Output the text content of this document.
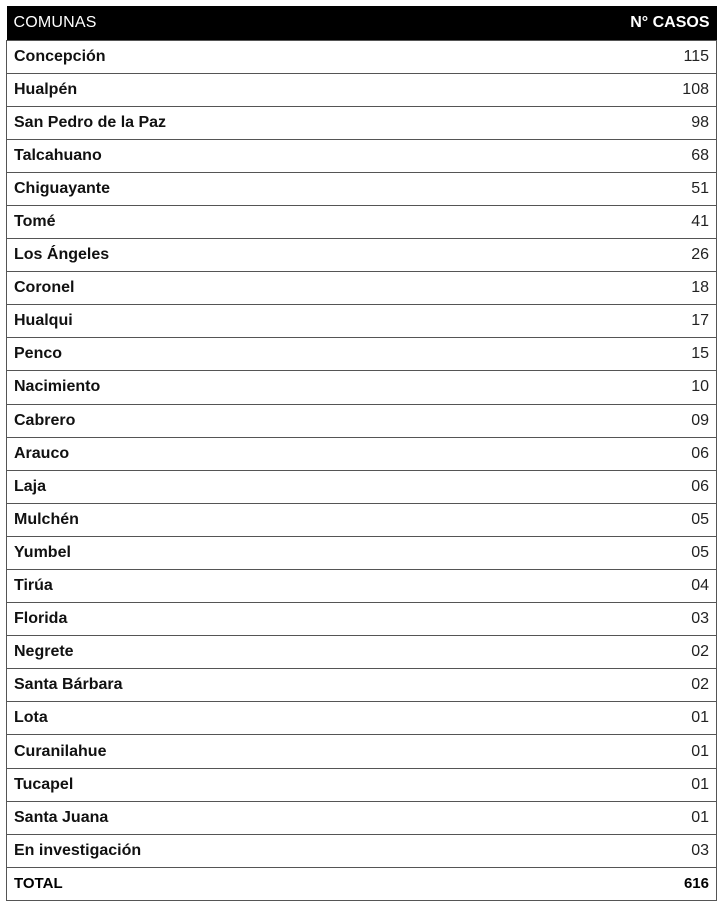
COMUNAS	N° CASOS
Concepción	115
Hualpén	108
San Pedro de la Paz	98
Talcahuano	68
Chiguayante	51
Tomé	41
Los Ángeles	26
Coronel	18
Hualqui	17
Penco	15
Nacimiento	10
Cabrero	09
Arauco	06
Laja	06
Mulchén	05
Yumbel	05
Tirúa	04
Florida	03
Negrete	02
Santa Bárbara	02
Lota	01
Curanilahue	01
Tucapel	01
Santa Juana	01
En investigación	03
TOTAL	616
